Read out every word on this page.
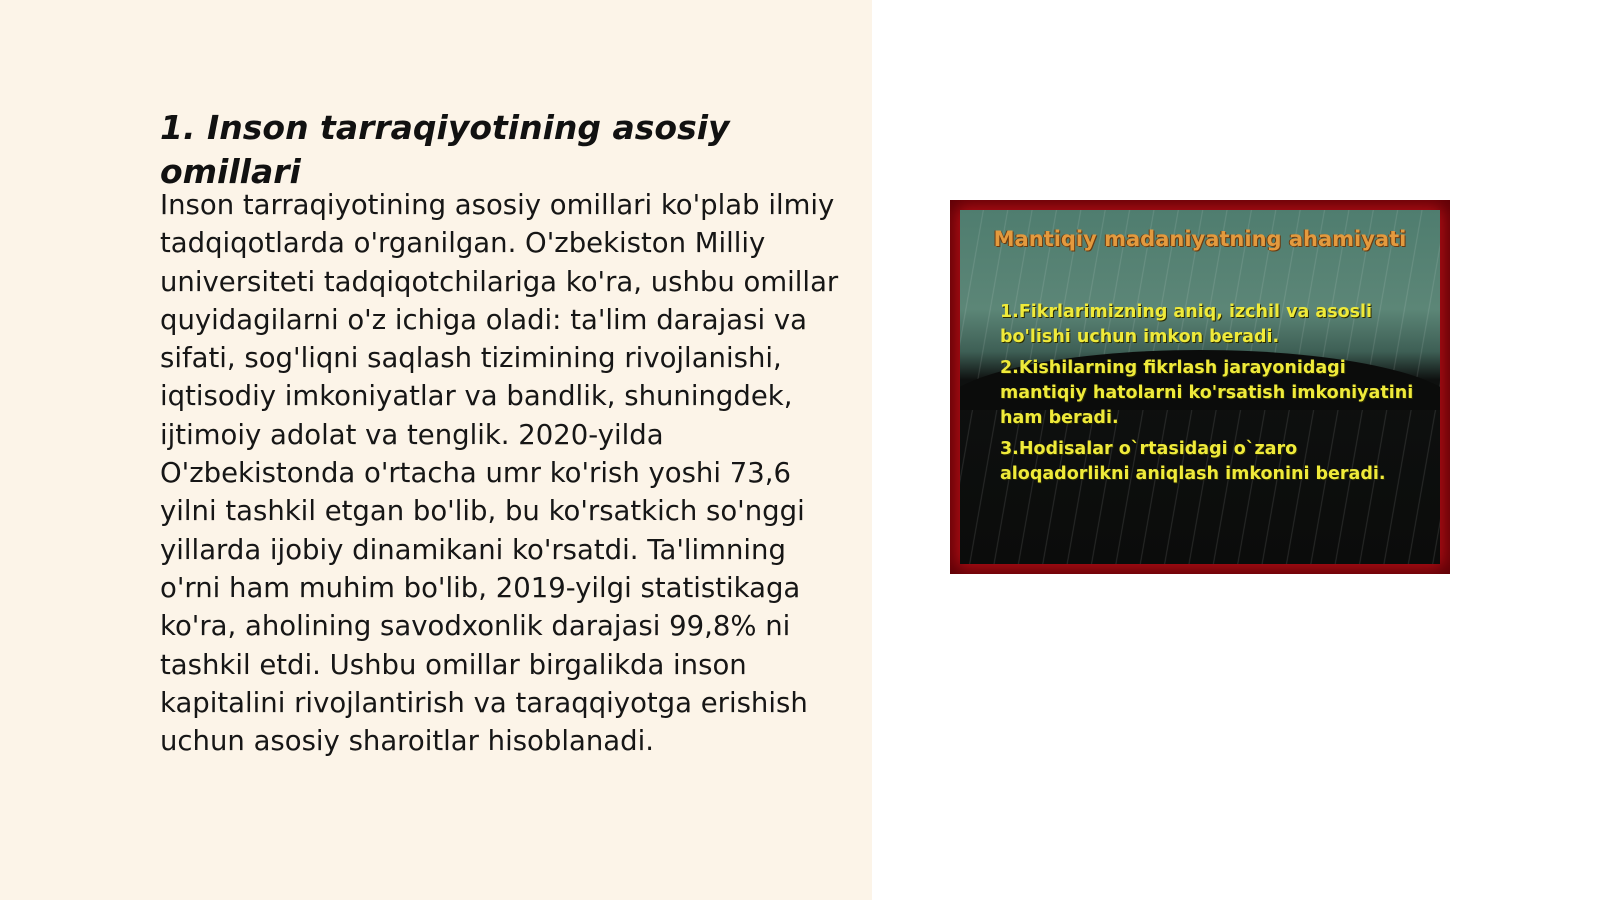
1. Inson tarraqiyotining asosiy omillari

Inson tarraqiyotining asosiy omillari ko'plab ilmiy tadqiqotlarda o'rganilgan. O'zbekiston Milliy universiteti tadqiqotchilariga ko'ra, ushbu omillar quyidagilarni o'z ichiga oladi: ta'lim darajasi va sifati, sog'liqni saqlash tizimining rivojlanishi, iqtisodiy imkoniyatlar va bandlik, shuningdek, ijtimoiy adolat va tenglik. 2020-yilda O'zbekistonda o'rtacha umr ko'rish yoshi 73,6 yilni tashkil etgan bo'lib, bu ko'rsatkich so'nggi yillarda ijobiy dinamikani ko'rsatdi. Ta'limning o'rni ham muhim bo'lib, 2019-yilgi statistikaga ko'ra, aholining savodxonlik darajasi 99,8% ni tashkil etdi. Ushbu omillar birgalikda inson kapitalini rivojlantirish va taraqqiyotga erishish uchun asosiy sharoitlar hisoblanadi.

Mantiqiy madaniyatning ahamiyati
1.Fikrlarimizning aniq, izchil va asosli bo'lishi uchun imkon beradi.
2.Kishilarning fikrlash jarayonidagi mantiqiy hatolarni ko'rsatish imkoniyatini ham beradi.
3.Hodisalar o`rtasidagi o`zaro aloqadorlikni aniqlash imkonini beradi.
